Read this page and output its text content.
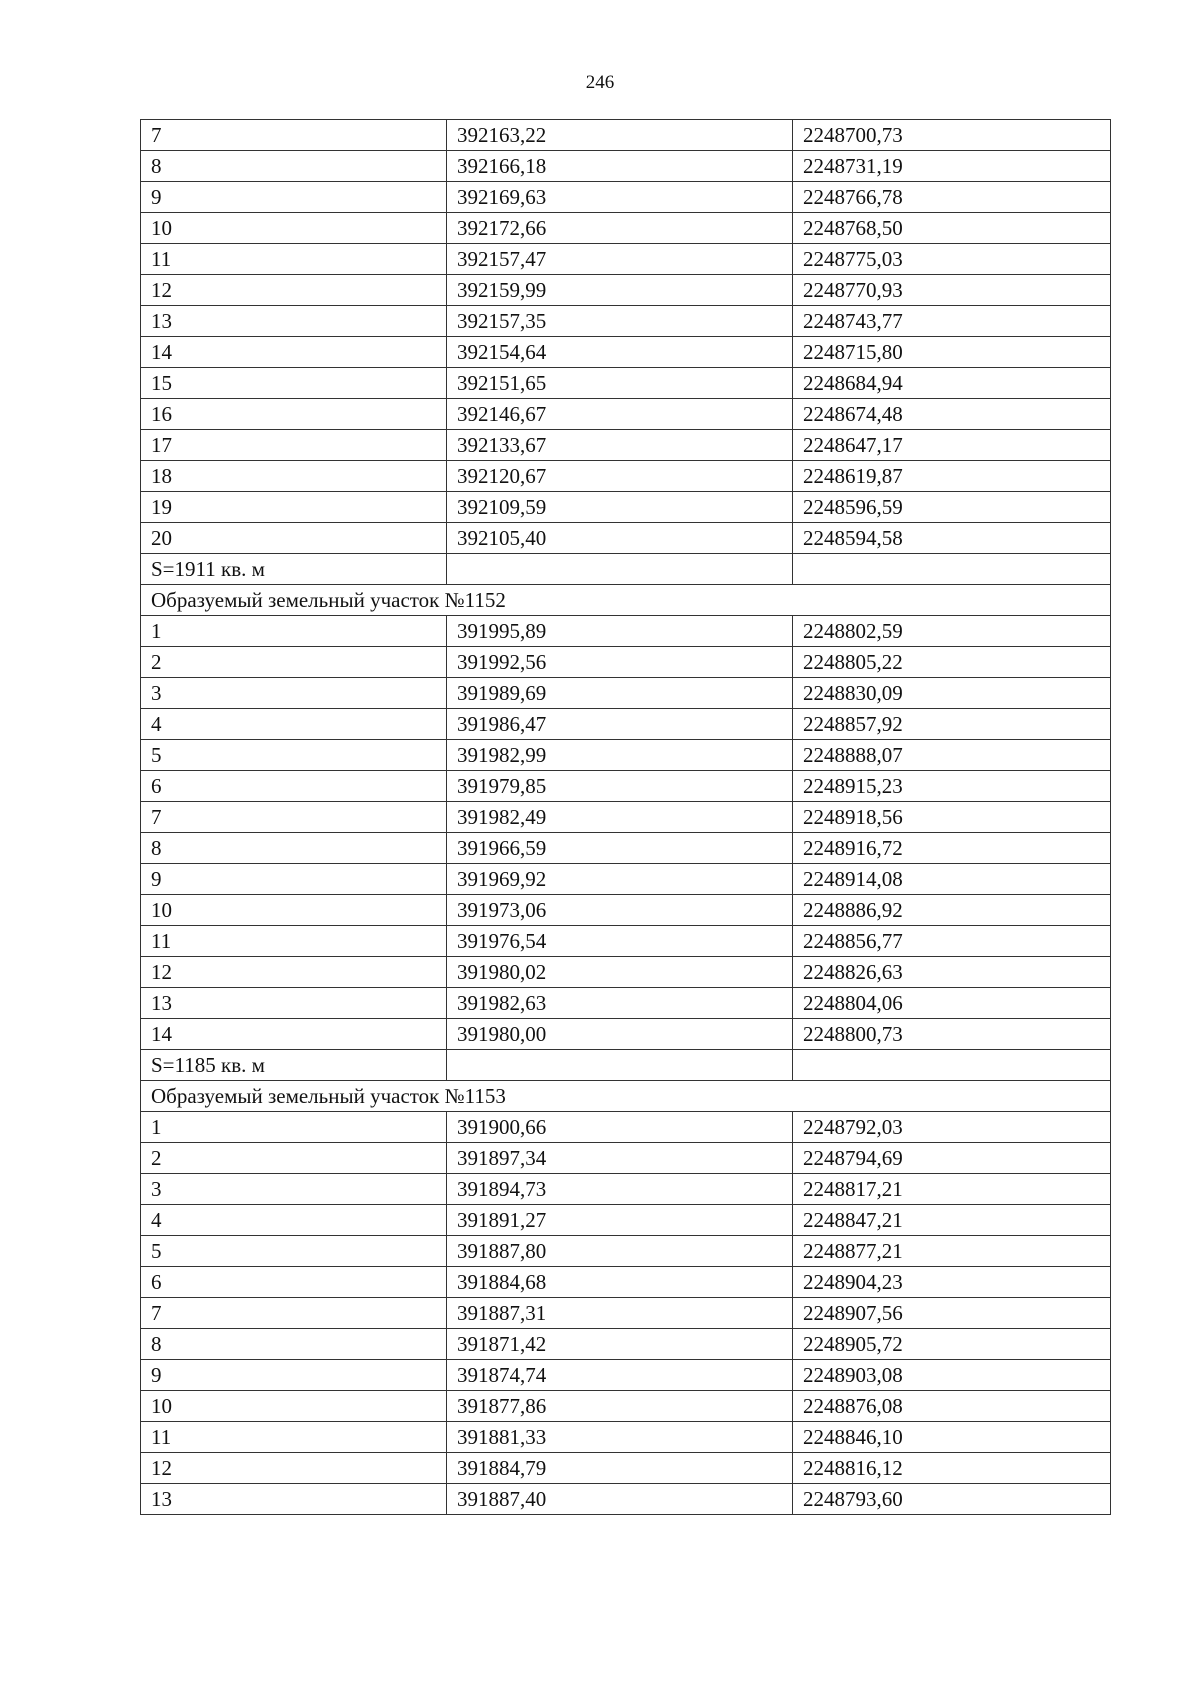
246
7	392163,22	2248700,73
8	392166,18	2248731,19
9	392169,63	2248766,78
10	392172,66	2248768,50
11	392157,47	2248775,03
12	392159,99	2248770,93
13	392157,35	2248743,77
14	392154,64	2248715,80
15	392151,65	2248684,94
16	392146,67	2248674,48
17	392133,67	2248647,17
18	392120,67	2248619,87
19	392109,59	2248596,59
20	392105,40	2248594,58
S=1911 кв. м		
Образуемый земельный участок №1152		
1	391995,89	2248802,59
2	391992,56	2248805,22
3	391989,69	2248830,09
4	391986,47	2248857,92
5	391982,99	2248888,07
6	391979,85	2248915,23
7	391982,49	2248918,56
8	391966,59	2248916,72
9	391969,92	2248914,08
10	391973,06	2248886,92
11	391976,54	2248856,77
12	391980,02	2248826,63
13	391982,63	2248804,06
14	391980,00	2248800,73
S=1185 кв. м		
Образуемый земельный участок №1153		
1	391900,66	2248792,03
2	391897,34	2248794,69
3	391894,73	2248817,21
4	391891,27	2248847,21
5	391887,80	2248877,21
6	391884,68	2248904,23
7	391887,31	2248907,56
8	391871,42	2248905,72
9	391874,74	2248903,08
10	391877,86	2248876,08
11	391881,33	2248846,10
12	391884,79	2248816,12
13	391887,40	2248793,60
